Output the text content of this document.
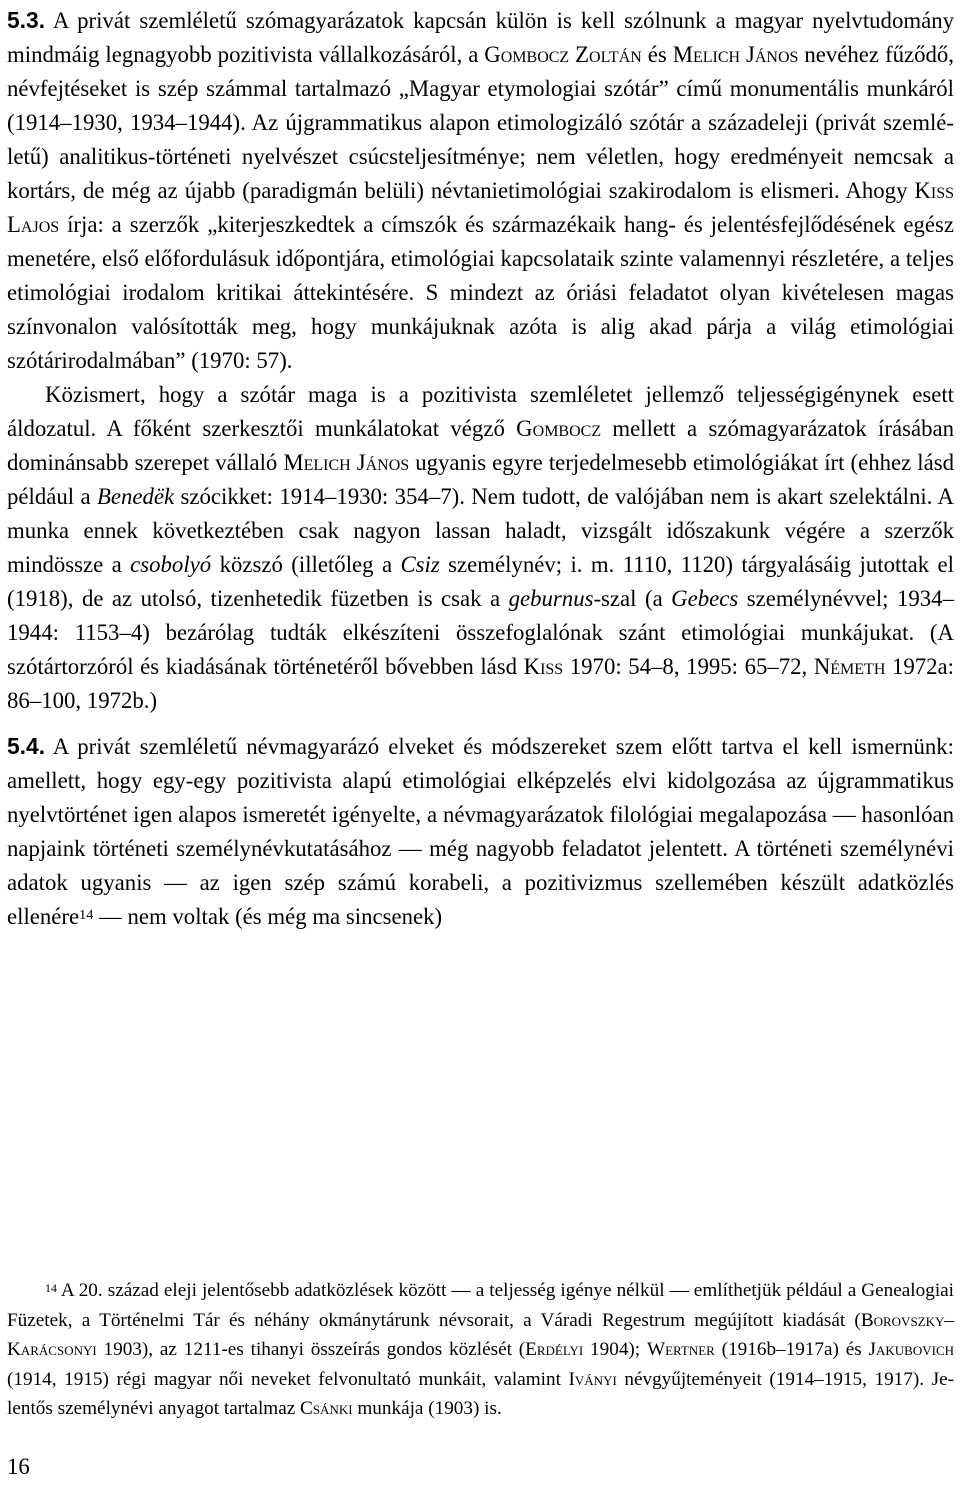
5.3. A privát szemléletű szómagyarázatok kapcsán külön is kell szólnunk a magyar nyelvtudomány mindmáig legnagyobb pozitivista vállalkozásáról, a Gombocz Zoltán és Melich János nevéhez fűződő, névfejtéseket is szép számmal tartalmazó „Magyar etymologiai szótár” című monumentális munkáról (1914–1930, 1934–1944). Az újgrammatikus alapon etimologizáló szótár a századeleji (privát szemléletű) analitikus-történeti nyelvészet csúcsteljesítménye; nem véletlen, hogy eredményeit nemcsak a kortárs, de még az újabb (paradigmán belüli) névtanietimológiai szakirodalom is elismeri. Ahogy Kiss Lajos írja: a szerzők „kiterjeszkedtek a címszók és származékaik hang- és jelentésfejlődésének egész menetére, első előfordulásuk időpontjára, etimológiai kapcsolataik szinte valamennyi részletére, a teljes etimológiai irodalom kritikai áttekintésére. S mindezt az óriási feladatot olyan kivételesen magas színvonalon valósították meg, hogy munkájuknak azóta is alig akad párja a világ etimológiai szótárirodalmában” (1970: 57).

Közismert, hogy a szótár maga is a pozitivista szemléletet jellemző teljességigénynek esett áldozatul. A főként szerkesztői munkálatokat végző Gombocz mellett a szómagyarázatok írásában dominánsabb szerepet vállaló Melich János ugyanis egyre terjedelmesebb etimológiákat írt (ehhez lásd például a Benedëk szócikket: 1914–1930: 354–7). Nem tudott, de valójában nem is akart szelektálni. A munka ennek következtében csak nagyon lassan haladt, vizsgált időszakunk végére a szerzők mindössze a csobolyó közszó (illetőleg a Csiz személynév; i. m. 1110, 1120) tárgyalásáig jutottak el (1918), de az utolsó, tizenhetedik füzetben is csak a geburnus-szal (a Gebecs személynévvel; 1934–1944: 1153–4) bezárólag tudták elkészíteni összefoglalónak szánt etimológiai munkájukat. (A szótártorzóról és kiadásának történetéről bővebben lásd Kiss 1970: 54–8, 1995: 65–72, Németh 1972a: 86–100, 1972b.)

5.4. A privát szemléletű névmagyarázó elveket és módszereket szem előtt tartva el kell ismernünk: amellett, hogy egy-egy pozitivista alapú etimológiai elképzelés elvi kidolgozása az újgrammatikus nyelvtörténet igen alapos ismeretét igényelte, a névmagyarázatok filológiai megalapozása — hasonlóan napjaink történeti személynévkutatásához — még nagyobb feladatot jelentett. A történeti személynévi adatok ugyanis — az igen szép számú korabeli, a pozitivizmus szellemében készült adatközlés ellenére$^{14}$ — nem voltak (és még ma sincsenek)

$^{14}$ A 20. század eleji jelentősebb adatközlések között — a teljesség igénye nélkül — említhetjük például a Genealogiai Füzetek, a Történelmi Tár és néhány okmánytárunk névsorait, a Váradi Regestrum megújított kiadását (Borovszky–Karácsonyi 1903), az 1211-es tihanyi összeírás gondos közlését (Erdélyi 1904); Wertner (1916b–1917a) és Jakubovich (1914, 1915) régi magyar női neveket felvonultató munkáit, valamint Iványi névgyűjteményeit (1914–1915, 1917). Jelentős személynévi anyagot tartalmaz Csánki munkája (1903) is.

16
